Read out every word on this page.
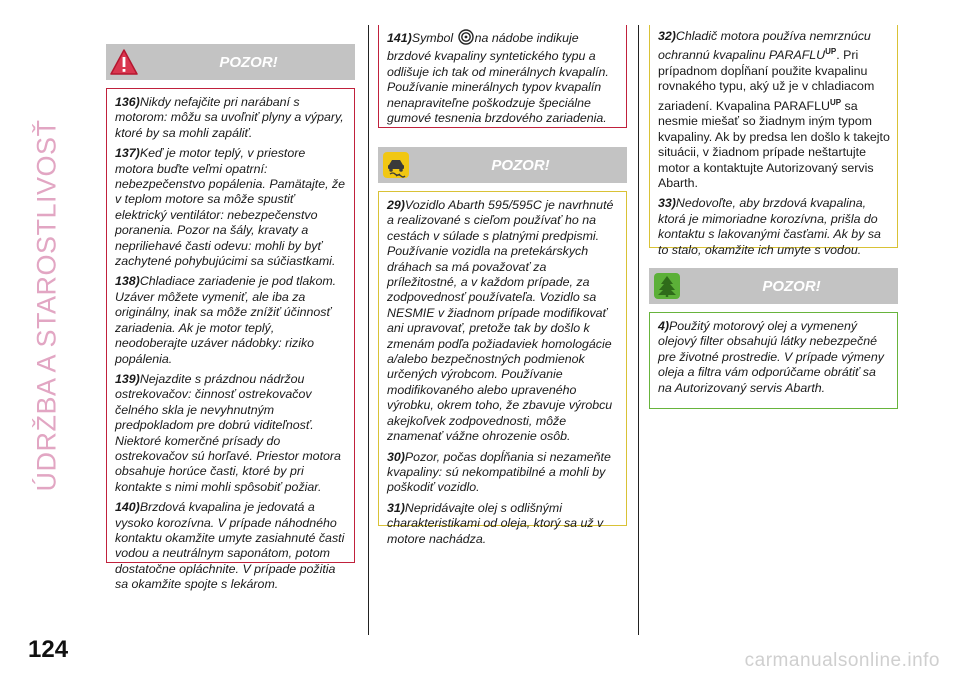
ÚDRŽBA A STAROSTLIVOSŤ
124	carmanualsonline.info
POZOR!

136)Nikdy nefajčite pri narábaní s motorom: môžu sa uvoľniť plyny a výpary, ktoré by sa mohli zapáliť.

137)Keď je motor teplý, v priestore motora buďte veľmi opatrní: nebezpečenstvo popálenia. Pamätajte, že v teplom motore sa môže spustiť elektrický ventilátor: nebezpečenstvo poranenia. Pozor na šály, kravaty a nepriliehavé časti odevu: mohli by byť zachytené pohybujúcimi sa súčiastkami.

138)Chladiace zariadenie je pod tlakom. Uzáver môžete vymeniť, ale iba za originálny, inak sa môže znížiť účinnosť zariadenia. Ak je motor teplý, neodoberajte uzáver nádobky: riziko popálenia.

139)Nejazdite s prázdnou nádržou ostrekovačov: činnosť ostrekovačov čelného skla je nevyhnutným predpokladom pre dobrú viditeľnosť. Niektoré komerčné prísady do ostrekovačov sú horľavé. Priestor motora obsahuje horúce časti, ktoré by pri kontakte s nimi mohli spôsobiť požiar.

140)Brzdová kvapalina je jedovatá a vysoko korozívna. V prípade náhodného kontaktu okamžite umyte zasiahnuté časti vodou a neutrálnym saponátom, potom dostatočne opláchnite. V prípade požitia sa okamžite spojte s lekárom.

141)Symbol na nádobe indikuje brzdové kvapaliny syntetického typu a odlišuje ich tak od minerálnych kvapalín. Používanie minerálnych typov kvapalín nenapraviteľne poškodzuje špeciálne gumové tesnenia brzdového zariadenia.

POZOR!

29)Vozidlo Abarth 595/595C je navrhnuté a realizované s cieľom používať ho na cestách v súlade s platnými predpismi. Používanie vozidla na pretekárskych dráhach sa má považovať za príležitostné, a v každom prípade, za zodpovednosť používateľa. Vozidlo sa NESMIE v žiadnom prípade modifikovať ani upravovať, pretože tak by došlo k zmenám podľa požiadaviek homologácie a/alebo bezpečnostných podmienok určených výrobcom. Používanie modifikovaného alebo upraveného výrobku, okrem toho, že zbavuje výrobcu akejkoľvek zodpovednosti, môže znamenať vážne ohrozenie osôb.

30)Pozor, počas dopĺňania si nezameňte kvapaliny: sú nekompatibilné a mohli by poškodiť vozidlo.

31)Nepridávajte olej s odlišnými charakteristikami od oleja, ktorý sa už v motore nachádza.

32)Chladič motora používa nemrznúcu ochrannú kvapalinu $PARAFLU^{UP}$. Pri prípadnom dopĺňaní použite kvapalinu rovnakého typu, aký už je v chladiacom zariadení. Kvapalina $PARAFLU^{UP}$ sa nesmie miešať so žiadnym iným typom kvapaliny. Ak by predsa len došlo k takejto situácii, v žiadnom prípade neštartujte motor a kontaktujte Autorizovaný servis Abarth.

33)Nedovoľte, aby brzdová kvapalina, ktorá je mimoriadne korozívna, prišla do kontaktu s lakovanými časťami. Ak by sa to stalo, okamžite ich umyte s vodou.

POZOR!

4)Použitý motorový olej a vymenený olejový filter obsahujú látky nebezpečné pre životné prostredie. V prípade výmeny oleja a filtra vám odporúčame obrátiť sa na Autorizovaný servis Abarth.
